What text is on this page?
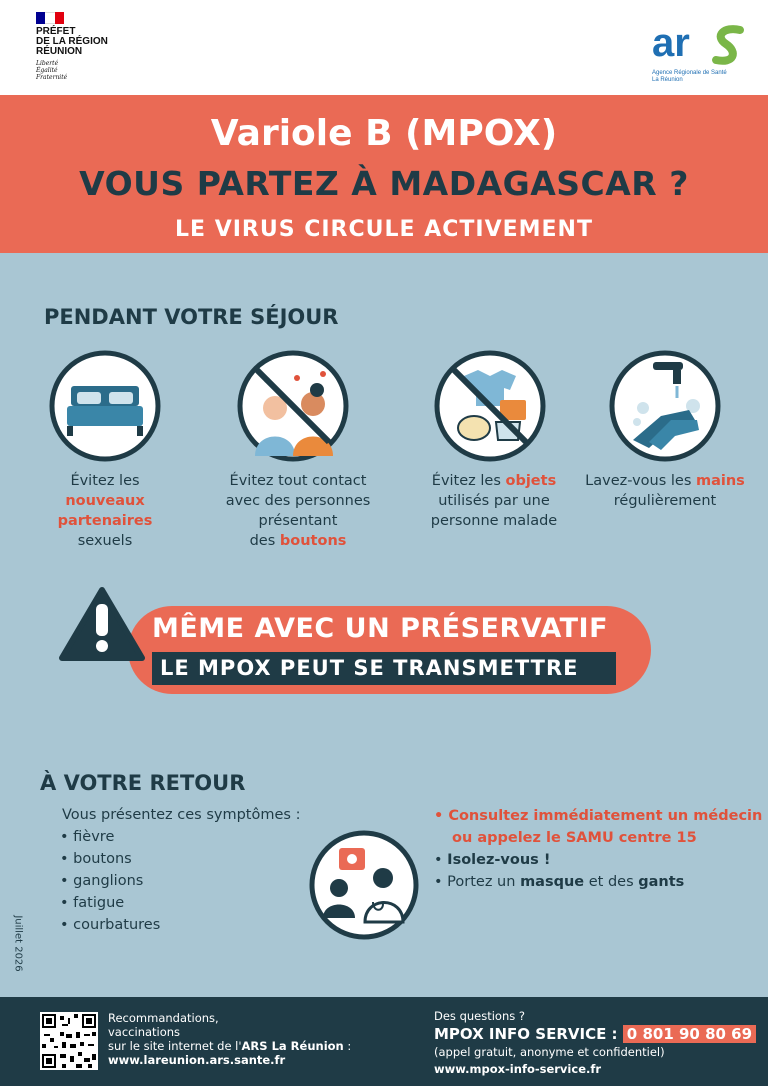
PRÉFET
DE LA RÉGION
RÉUNION
Liberté
Égalité
Fraternité
ar
Agence Régionale de Santé
La Réunion
Variole B (MPOX)
VOUS PARTEZ À MADAGASCAR ?
LE VIRUS CIRCULE ACTIVEMENT
PENDANT VOTRE SÉJOUR
Évitez les
nouveaux partenaires
sexuels
Évitez tout contact avec des personnes présentant
des boutons
Évitez les objets
utilisés par une personne malade
Lavez-vous les mains
régulièrement
MÊME AVEC UN PRÉSERVATIF
LE MPOX PEUT SE TRANSMETTRE
À VOTRE RETOUR
Vous présentez ces symptômes :
• fièvre
• boutons
• ganglions
• fatigue
• courbatures
• Consultez immédiatement un médecin ou appelez le SAMU centre 15
• Isolez-vous !
• Portez un masque et des gants
Juillet 2026
Recommandations,
vaccinations
sur le site internet de l'ARS La Réunion :
www.lareunion.ars.sante.fr
Des questions ?
MPOX INFO SERVICE : 0 801 90 80 69
(appel gratuit, anonyme et confidentiel)
www.mpox-info-service.fr
